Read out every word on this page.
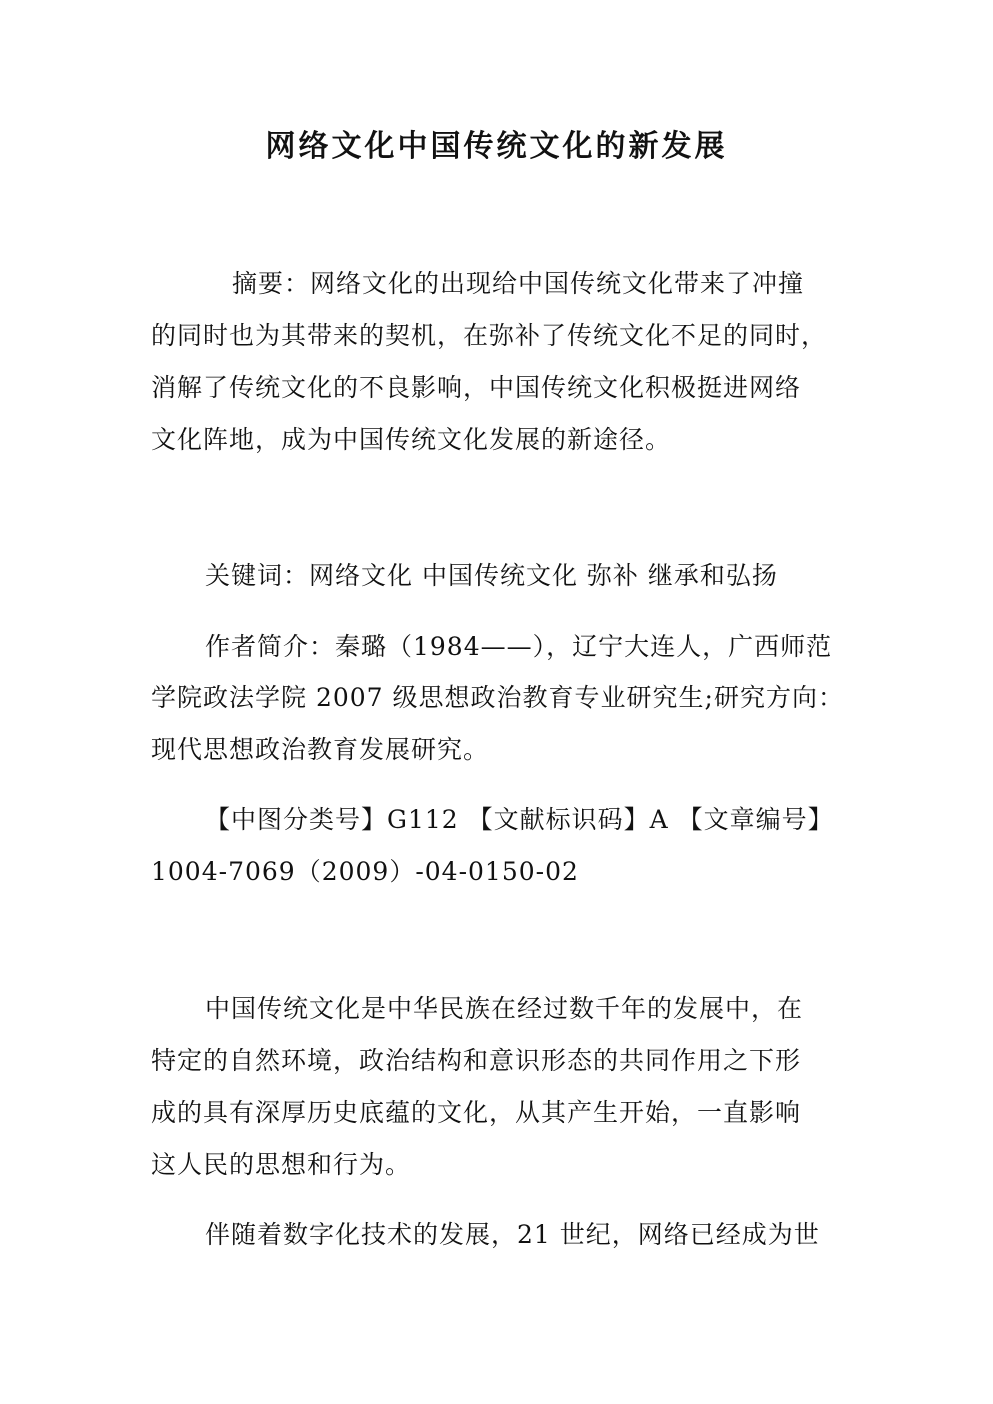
网络文化中国传统文化的新发展
摘要：网络文化的出现给中国传统文化带来了冲撞
的同时也为其带来的契机，在弥补了传统文化不足的同时，
消解了传统文化的不良影响，中国传统文化积极挺进网络
文化阵地，成为中国传统文化发展的新途径。
关键词：网络文化 中国传统文化 弥补 继承和弘扬
作者简介：秦璐（1984——），辽宁大连人，广西师范
学院政法学院 2007 级思想政治教育专业研究生;研究方向：
现代思想政治教育发展研究。
【中图分类号】G112 【文献标识码】A 【文章编号】
1004-7069（2009）-04-0150-02
中国传统文化是中华民族在经过数千年的发展中，在
特定的自然环境，政治结构和意识形态的共同作用之下形
成的具有深厚历史底蕴的文化，从其产生开始，一直影响
这人民的思想和行为。
伴随着数字化技术的发展，21 世纪，网络已经成为世
